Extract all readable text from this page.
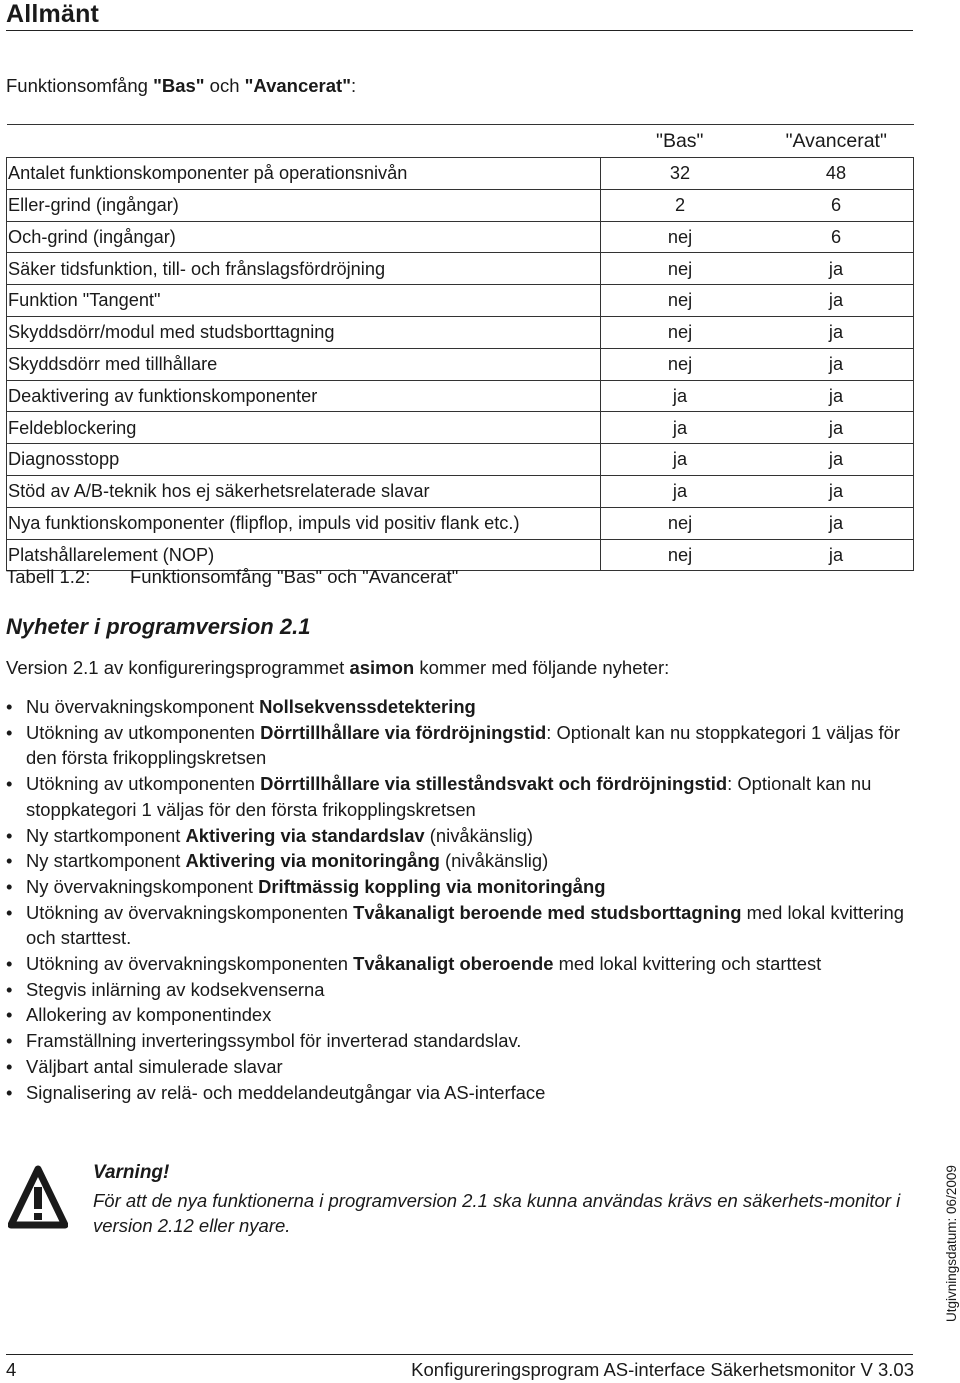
Allmänt
Funktionsomfång "Bas" och "Avancerat":
	"Bas"	"Avancerat"
Antalet funktionskomponenter på operationsnivån	32	48
Eller-grind (ingångar)	2	6
Och-grind (ingångar)	nej	6
Säker tidsfunktion, till- och frånslagsfördröjning	nej	ja
Funktion "Tangent"	nej	ja
Skyddsdörr/modul med studsborttagning	nej	ja
Skyddsdörr med tillhållare	nej	ja
Deaktivering av funktionskomponenter	ja	ja
Feldeblockering	ja	ja
Diagnosstopp	ja	ja
Stöd av A/B-teknik hos ej säkerhetsrelaterade slavar	ja	ja
Nya funktionskomponenter (flipflop, impuls vid positiv flank etc.)	nej	ja
Platshållarelement (NOP)	nej	ja
Tabell 1.2: Funktionsomfång "Bas" och "Avancerat"
Nyheter i programversion 2.1
Version 2.1 av konfigureringsprogrammet asimon kommer med följande nyheter:
• Nu övervakningskomponent Nollsekvenssdetektering
• Utökning av utkomponenten Dörrtillhållare via fördröjningstid: Optionalt kan nu stoppkategori 1 väljas för den första frikopplingskretsen
• Utökning av utkomponenten Dörrtillhållare via stilleståndsvakt och fördröjningstid: Optionalt kan nu stoppkategori 1 väljas för den första frikopplingskretsen
• Ny startkomponent Aktivering via standardslav (nivåkänslig)
• Ny startkomponent Aktivering via monitoringång (nivåkänslig)
• Ny övervakningskomponent Driftmässig koppling via monitoringång
• Utökning av övervakningskomponenten Tvåkanaligt beroende med studsborttagning med lokal kvittering och starttest.
• Utökning av övervakningskomponenten Tvåkanaligt oberoende med lokal kvittering och starttest
• Stegvis inlärning av kodsekvenserna
• Allokering av komponentindex
• Framställning inverteringssymbol för inverterad standardslav.
• Väljbart antal simulerade slavar
• Signalisering av relä- och meddelandeutgångar via AS-interface
Varning!
För att de nya funktionerna i programversion 2.1 ska kunna användas krävs en säkerhets-monitor i version 2.12 eller nyare.	Utgivningsdatum: 06/2009
4	Konfigureringsprogram AS-interface Säkerhetsmonitor V 3.03
